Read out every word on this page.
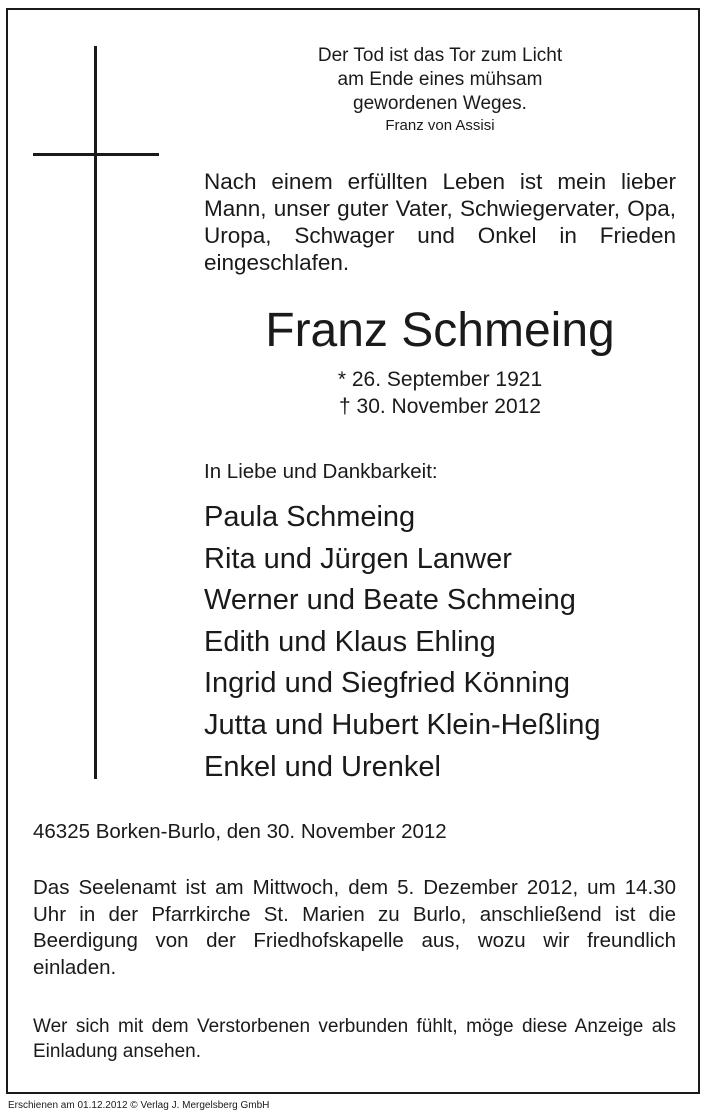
Der Tod ist das Tor zum Licht
am Ende eines mühsam
gewordenen Weges.
Franz von Assisi
Nach einem erfüllten Leben ist mein lieber Mann, unser guter Vater, Schwiegervater, Opa, Uropa, Schwager und Onkel in Frieden eingeschlafen.
Franz Schmeing
* 26. September 1921
† 30. November 2012
In Liebe und Dankbarkeit:
Paula Schmeing
Rita und Jürgen Lanwer
Werner und Beate Schmeing
Edith und Klaus Ehling
Ingrid und Siegfried Könning
Jutta und Hubert Klein-Heßling
Enkel und Urenkel
46325 Borken-Burlo, den 30. November 2012
Das Seelenamt ist am Mittwoch, dem 5. Dezember 2012, um 14.30 Uhr in der Pfarrkirche St. Marien zu Burlo, anschließend ist die Beerdigung von der Friedhofskapelle aus, wozu wir freundlich einladen.
Wer sich mit dem Verstorbenen verbunden fühlt, möge diese Anzeige als Einladung ansehen.
Erschienen am 01.12.2012 © Verlag J. Mergelsberg GmbH
